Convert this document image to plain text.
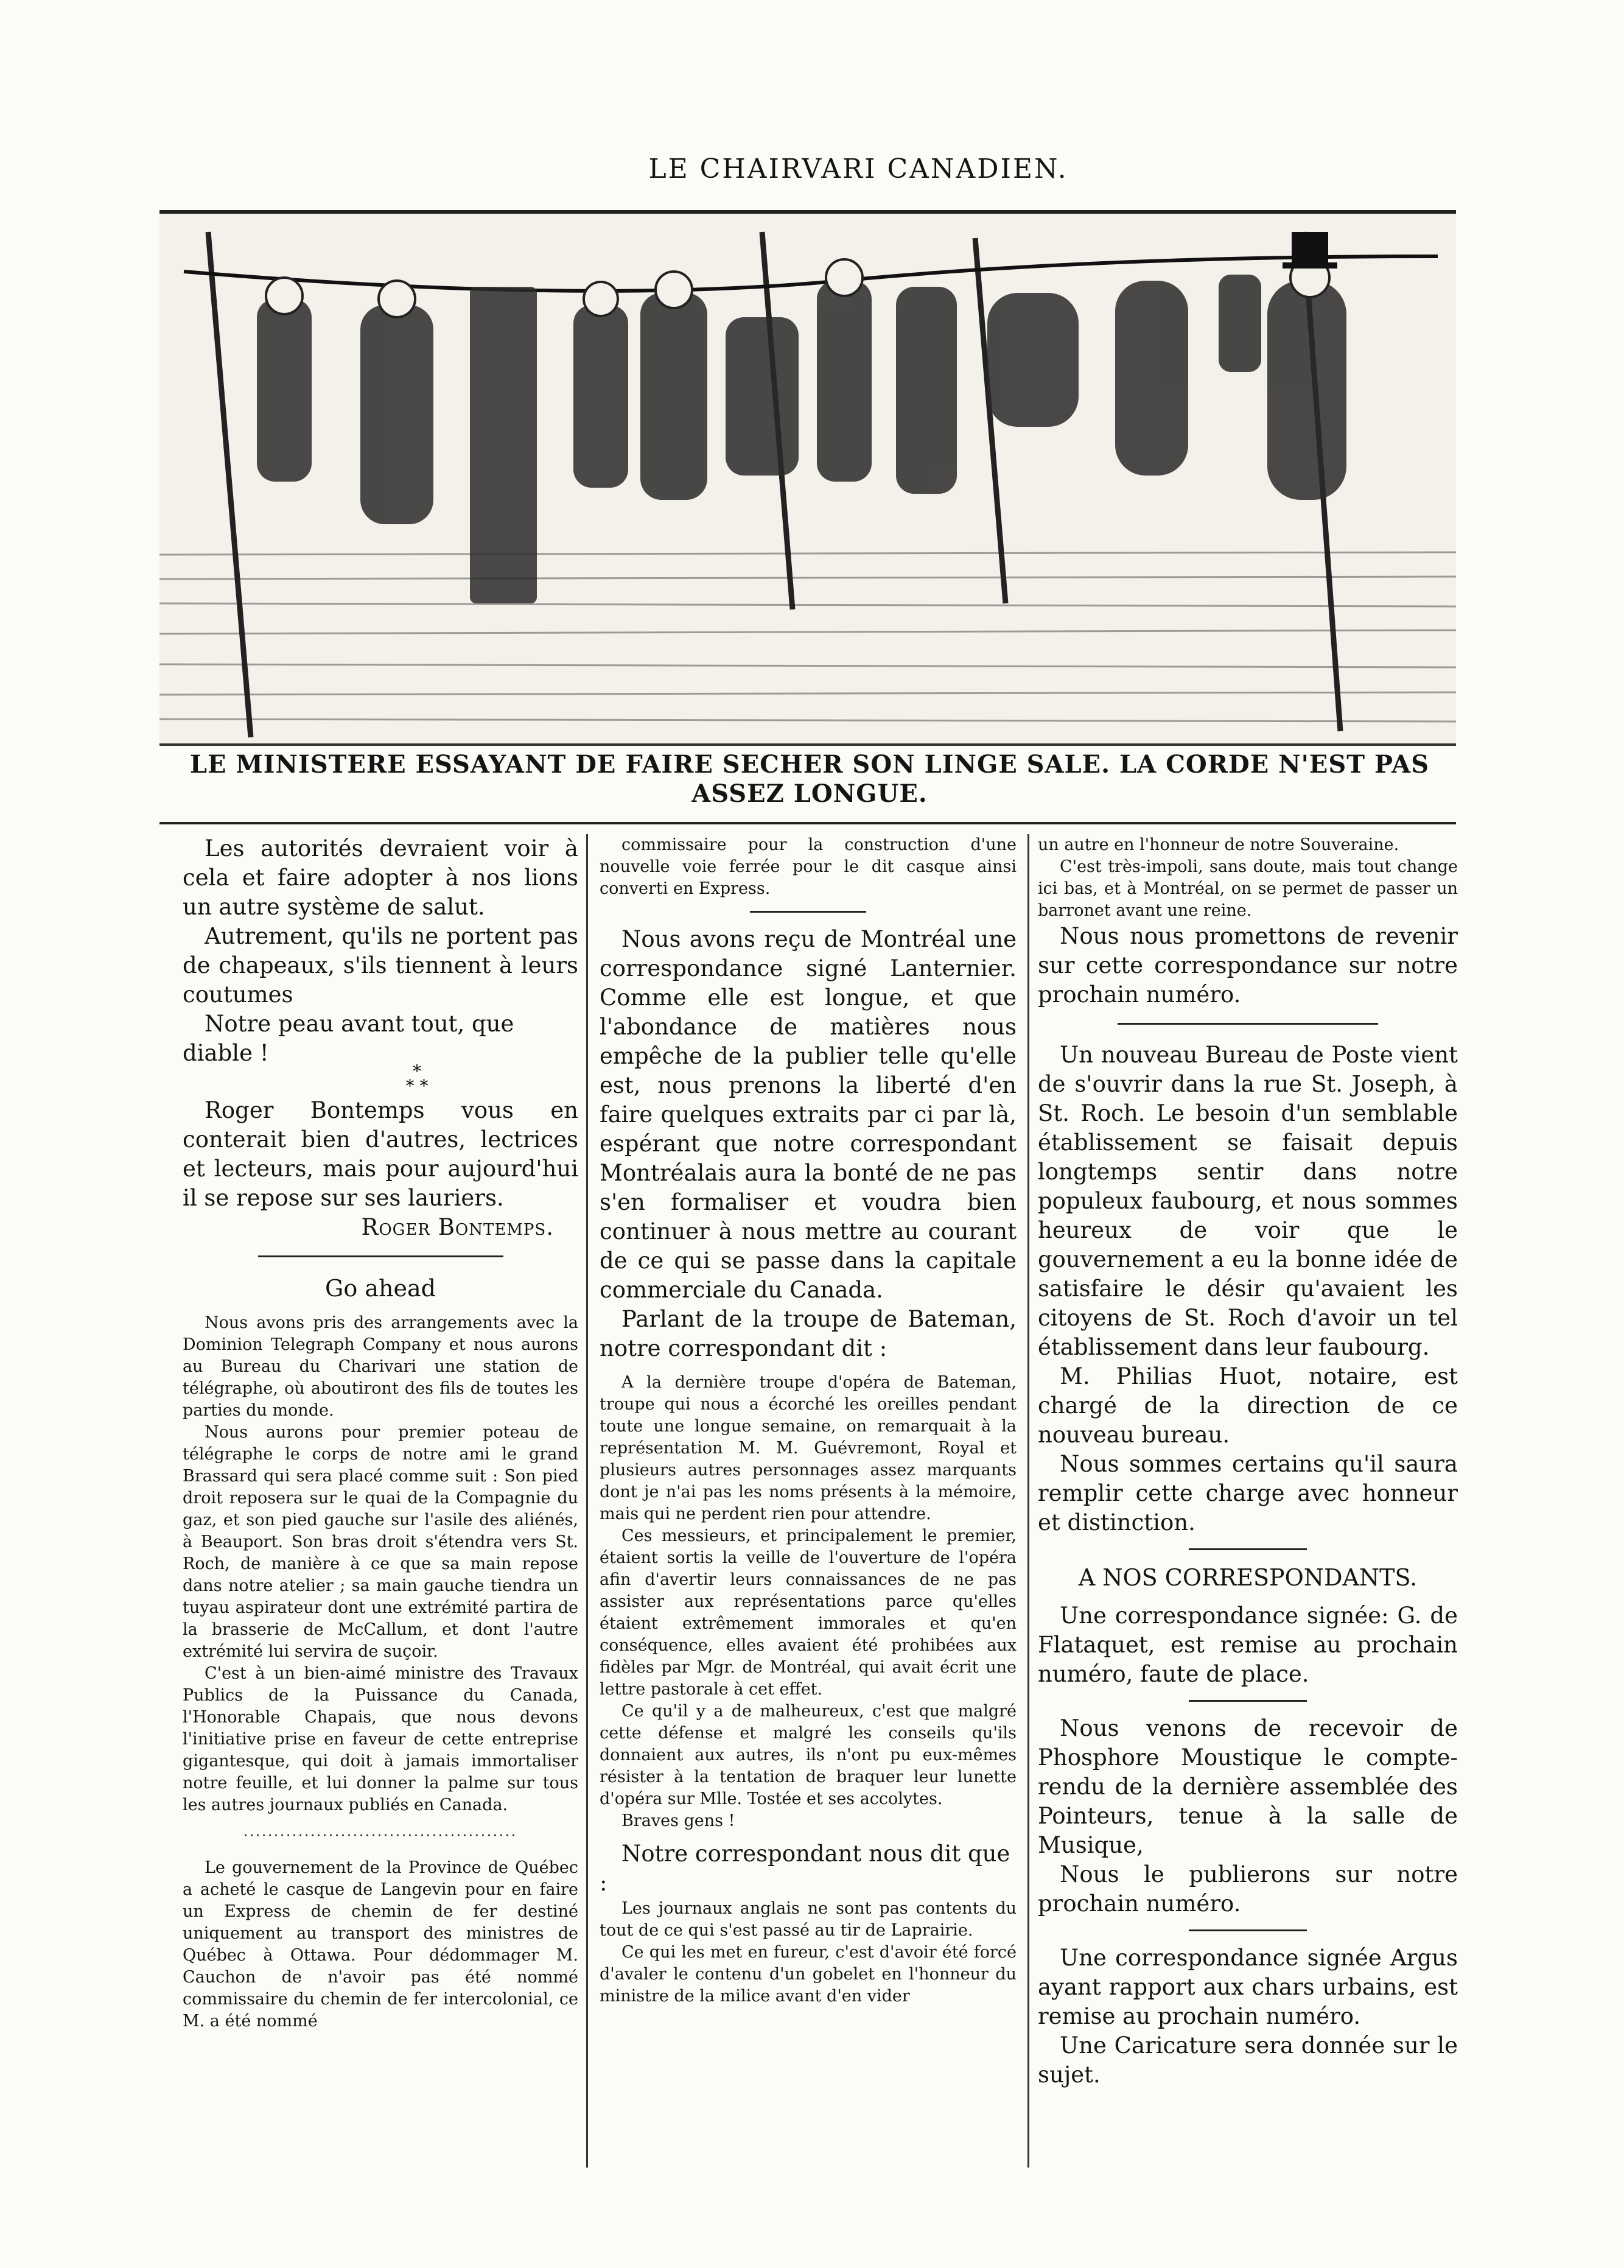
LE CHAIRVARI CANADIEN.
LE MINISTERE ESSAYANT DE FAIRE SECHER SON LINGE SALE. LA CORDE N'EST PAS
ASSEZ LONGUE.

Les autorités devraient voir à cela et faire adopter à nos lions un autre système de salut.

Autrement, qu'ils ne portent pas de chapeaux, s'ils tiennent à leurs coutumes

Notre peau avant tout, que diable !

*
* *

Roger Bontemps vous en conterait bien d'autres, lectrices et lecteurs, mais pour aujourd'hui il se repose sur ses lauriers.

Roger Bontemps.

Go ahead

Nous avons pris des arrangements avec la Dominion Telegraph Company et nous aurons au Bureau du Charivari une station de télégraphe, où aboutiront des fils de toutes les parties du monde.

Nous aurons pour premier poteau de télégraphe le corps de notre ami le grand Brassard qui sera placé comme suit : Son pied droit reposera sur le quai de la Compagnie du gaz, et son pied gauche sur l'asile des aliénés, à Beauport. Son bras droit s'étendra vers St. Roch, de manière à ce que sa main repose dans notre atelier ; sa main gauche tiendra un tuyau aspirateur dont une extrémité partira de la brasserie de McCallum, et dont l'autre extrémité lui servira de suçoir.

C'est à un bien-aimé ministre des Travaux Publics de la Puissance du Canada, l'Honorable Chapais, que nous devons l'initiative prise en faveur de cette entreprise gigantesque, qui doit à jamais immortaliser notre feuille, et lui donner la palme sur tous les autres journaux publiés en Canada.

·············································

Le gouvernement de la Province de Québec a acheté le casque de Langevin pour en faire un Express de chemin de fer destiné uniquement au transport des ministres de Québec à Ottawa. Pour dédommager M. Cauchon de n'avoir pas été nommé commissaire du chemin de fer intercolonial, ce M. a été nommé

commissaire pour la construction d'une nouvelle voie ferrée pour le dit casque ainsi converti en Express.

Nous avons reçu de Montréal une correspondance signé Lanternier. Comme elle est longue, et que l'abondance de matières nous empêche de la publier telle qu'elle est, nous prenons la liberté d'en faire quelques extraits par ci par là, espérant que notre correspondant Montréalais aura la bonté de ne pas s'en formaliser et voudra bien continuer à nous mettre au courant de ce qui se passe dans la capitale commerciale du Canada.

Parlant de la troupe de Bateman, notre correspondant dit :

A la dernière troupe d'opéra de Bateman, troupe qui nous a écorché les oreilles pendant toute une longue semaine, on remarquait à la représentation M. M. Guévremont, Royal et plusieurs autres personnages assez marquants dont je n'ai pas les noms présents à la mémoire, mais qui ne perdent rien pour attendre.

Ces messieurs, et principalement le premier, étaient sortis la veille de l'ouverture de l'opéra afin d'avertir leurs connaissances de ne pas assister aux représentations parce qu'elles étaient extrêmement immorales et qu'en conséquence, elles avaient été prohibées aux fidèles par Mgr. de Montréal, qui avait écrit une lettre pastorale à cet effet.

Ce qu'il y a de malheureux, c'est que malgré cette défense et malgré les conseils qu'ils donnaient aux autres, ils n'ont pu eux-mêmes résister à la tentation de braquer leur lunette d'opéra sur Mlle. Tostée et ses accolytes.

Braves gens !

Notre correspondant nous dit que :

Les journaux anglais ne sont pas contents du tout de ce qui s'est passé au tir de Laprairie.

Ce qui les met en fureur, c'est d'avoir été forcé d'avaler le contenu d'un gobelet en l'honneur du ministre de la milice avant d'en vider

un autre en l'honneur de notre Souveraine.

C'est très-impoli, sans doute, mais tout change ici bas, et à Montréal, on se permet de passer un barronet avant une reine.

Nous nous promettons de revenir sur cette correspondance sur notre prochain numéro.

Un nouveau Bureau de Poste vient de s'ouvrir dans la rue St. Joseph, à St. Roch. Le besoin d'un semblable établissement se faisait depuis longtemps sentir dans notre populeux faubourg, et nous sommes heureux de voir que le gouvernement a eu la bonne idée de satisfaire le désir qu'avaient les citoyens de St. Roch d'avoir un tel établissement dans leur faubourg.

M. Philias Huot, notaire, est chargé de la direction de ce nouveau bureau.

Nous sommes certains qu'il saura remplir cette charge avec honneur et distinction.

A NOS CORRESPONDANTS.

Une correspondance signée: G. de Flataquet, est remise au prochain numéro, faute de place.

Nous venons de recevoir de Phosphore Moustique le compte-rendu de la dernière assemblée des Pointeurs, tenue à la salle de Musique,

Nous le publierons sur notre prochain numéro.

Une correspondance signée Argus ayant rapport aux chars urbains, est remise au prochain numéro.

Une Caricature sera donnée sur le sujet.
